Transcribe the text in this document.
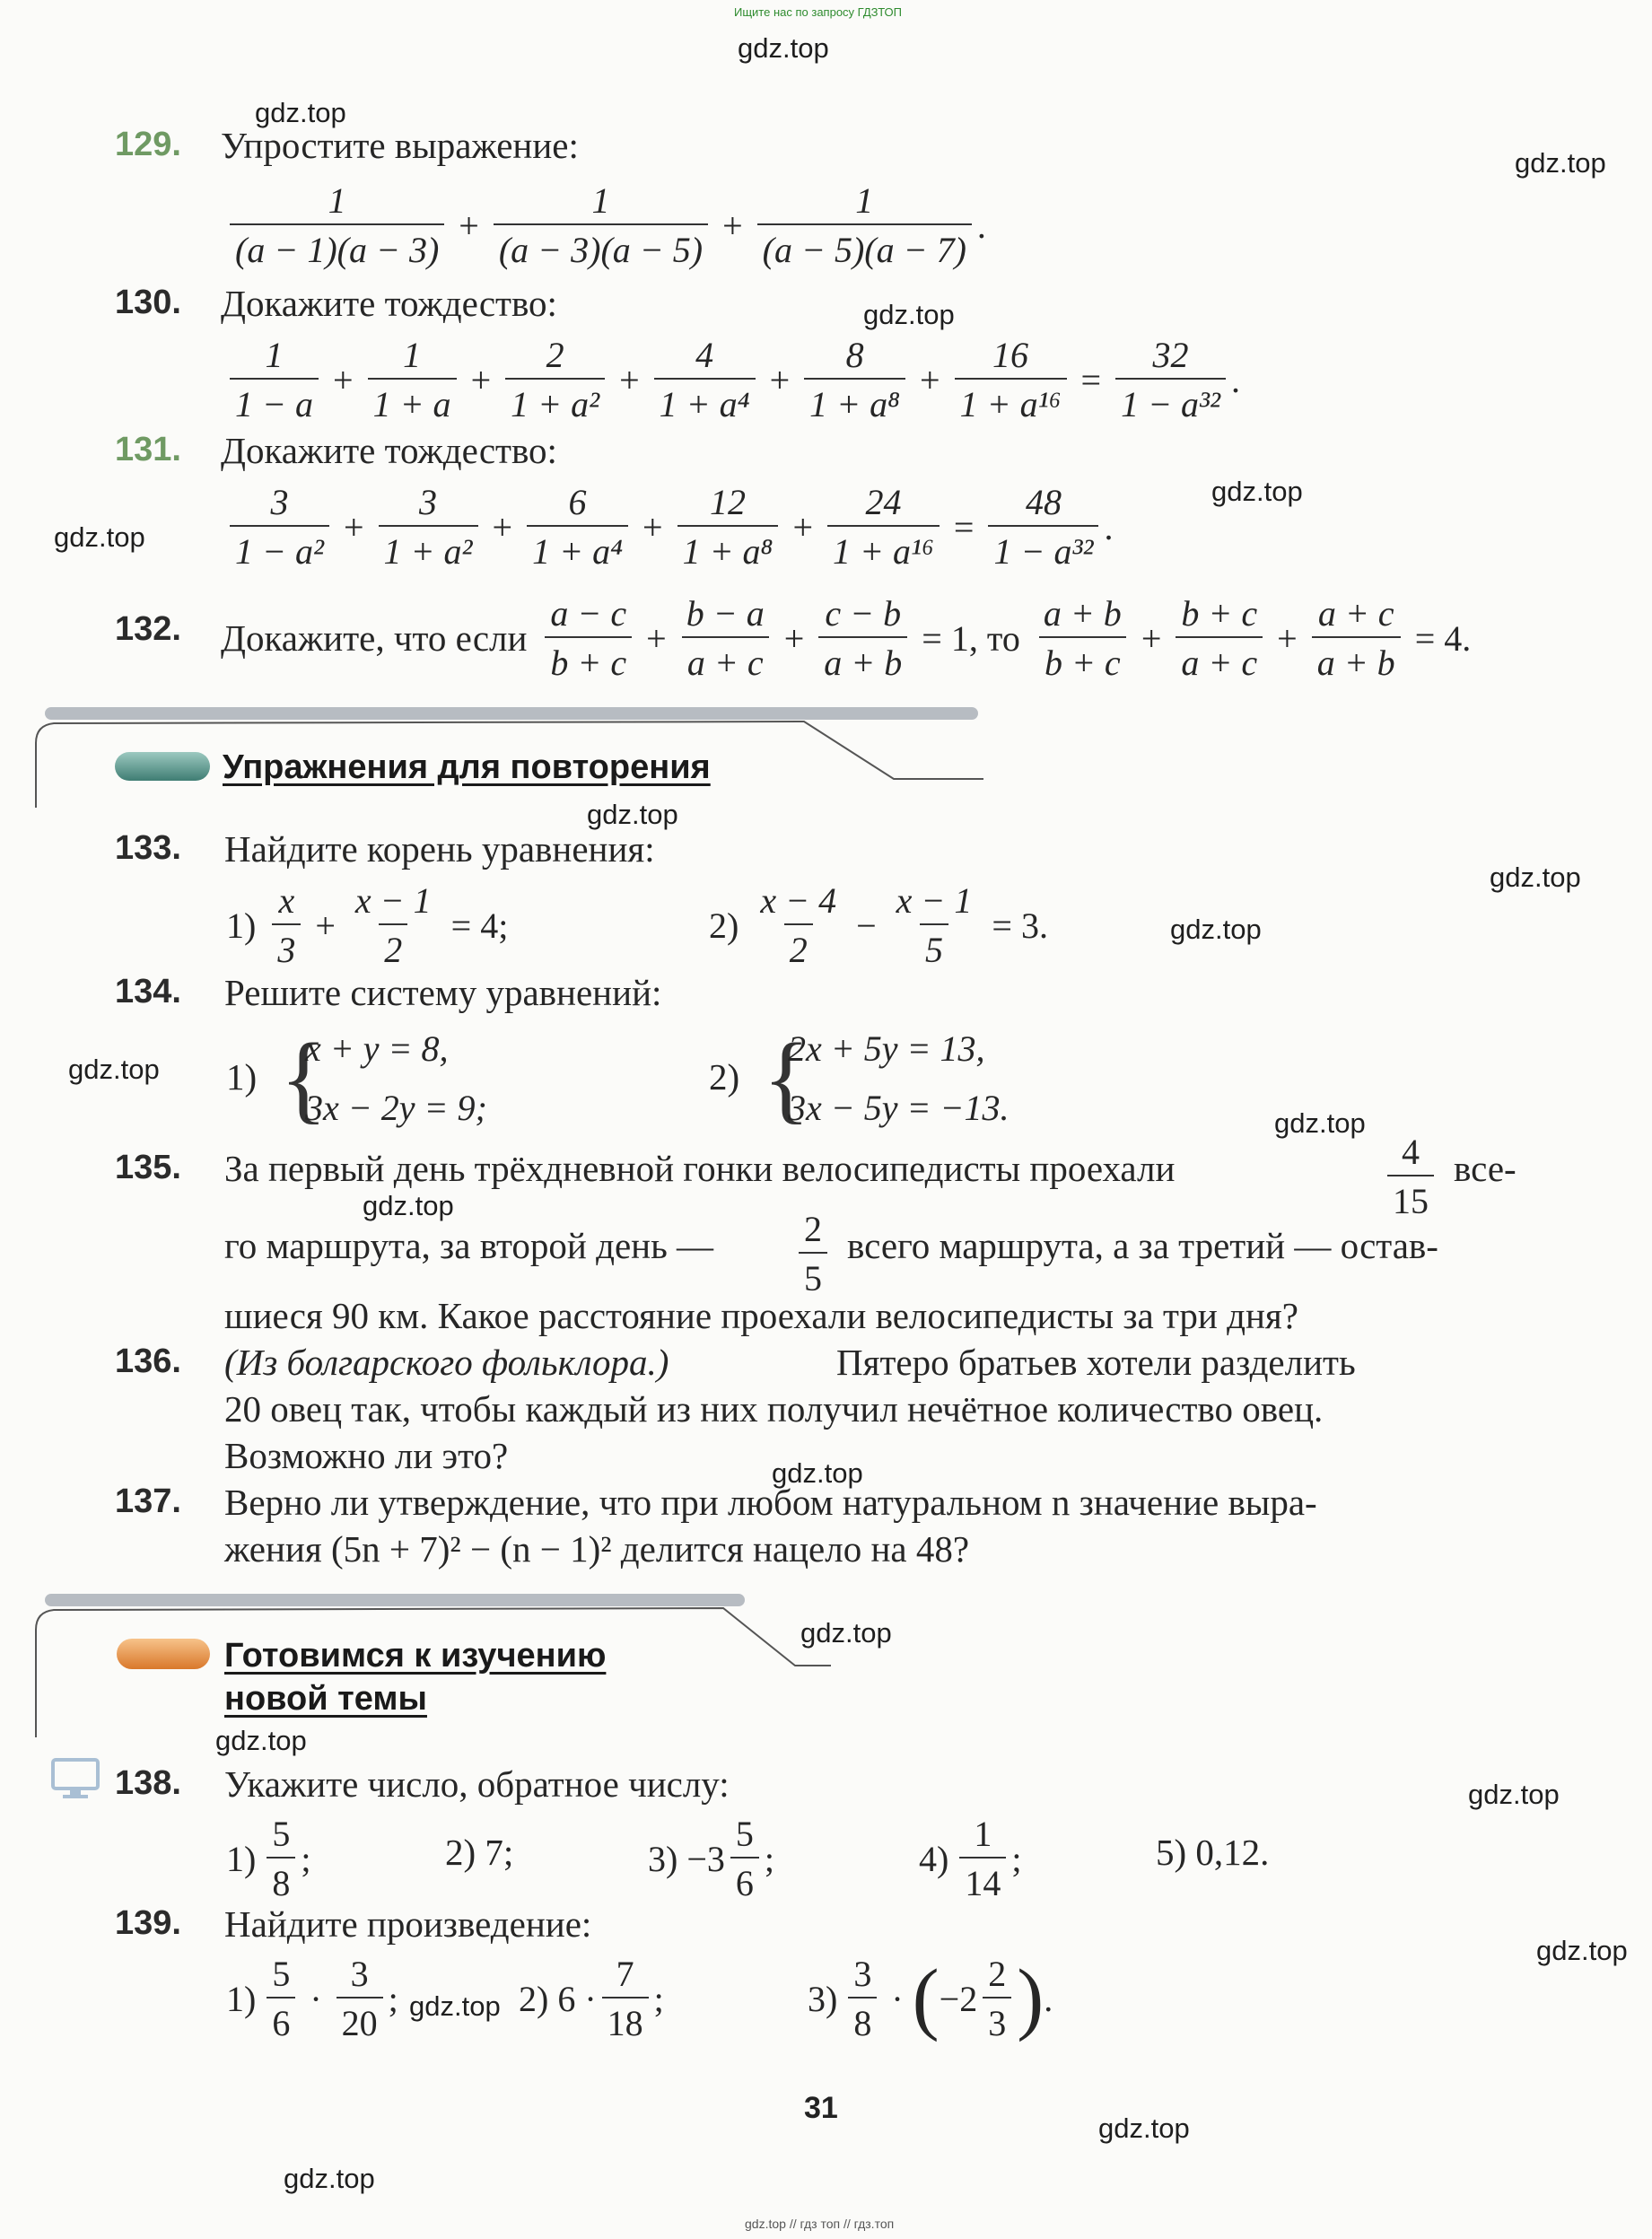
Ищите нас по запросу ГДЗТОП
gdz.top
gdz.top
gdz.top
gdz.top
gdz.top
gdz.top
gdz.top
gdz.top
gdz.top
gdz.top
gdz.top
gdz.top
gdz.top
gdz.top
gdz.top
gdz.top
gdz.top
gdz.top
gdz.top
gdz.top
129. Упростите выражение:
$\frac{1}{(a - 1)(a - 3)} + \frac{1}{(a - 3)(a - 5)} + \frac{1}{(a - 5)(a - 7)}$ .
130. Докажите тождество:
$\frac{1}{1 - a} + \frac{1}{1 + a} + \frac{2}{\text{1 + a²}} + \frac{4}{\text{1 + a⁴}} + \frac{8}{\text{1 + a⁸}} + \frac{16}{\text{1 + a¹⁶}} = \frac{32}{\text{1 − a³²}}$ .
131. Докажите тождество:
$\frac{3}{\text{1 − a²}} + \frac{3}{\text{1 + a²}} + \frac{6}{\text{1 + a⁴}} + \frac{12}{\text{1 + a⁸}} + \frac{24}{\text{1 + a¹⁶}} = \frac{48}{\text{1 − a³²}}$ .
132. Докажите, что если $\frac{a - c}{b + c} + \frac{b - a}{a + c} + \frac{c - b}{a + b} = 1$, то $\frac{a + b}{b + c} + \frac{b + c}{a + c} + \frac{a + c}{a + b} = 4$.
Упражнения для повторения
133. Найдите корень уравнения:
$1) \frac{x}{3} + \frac{x - 1}{2} = 4$;	$2) \frac{x - 4}{2} - \frac{x - 1}{5} = 3$.
134. Решите систему уравнений:
1) {
x + y = 8,
3x − 2y = 9;
2) {
2x + 5y = 13,
3x − 5y = −13.
135. За первый день трёхдневной гонки велосипедисты проехали	$\frac{4}{15} все-$
го маршрута, за второй день — $\frac{2}{5}$ всего маршрута, а за третий — остав-
шиеся 90 км. Какое расстояние проехали велосипедисты за три дня?
136. (Из болгарского фольклора.)	Пятеро братьев хотели разделить
20 овец так, чтобы каждый из них получил нечётное количество овец.
Возможно ли это?
137. Верно ли утверждение, что при любом натуральном n значение выра-
жения (5n + 7)² − (n − 1)² делится нацело на 48?
Готовимся к изучению
новой темы
138. Укажите число, обратное числу:
$1) \frac{5}{8}$ ;	2) 7;	$3) -3 \frac{5}{6}$ ;	$4) \frac{1}{14}$ ;	5) 0,12.
139. Найдите произведение:
$1) \frac{5}{6} \cdot \frac{3}{20}$ ;	2) $6 \cdot \frac{7}{18}$ ;	$3) \frac{3}{8}$ · ( $-2 \frac{2}{3}$ ) .
31
gdz.top // гдз топ // гдз.топ
